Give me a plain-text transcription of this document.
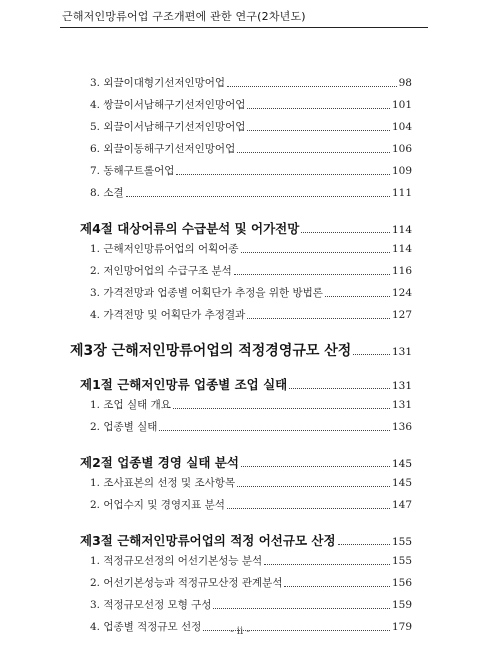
근해저인망류어업 구조개편에 관한 연구(2차년도)
3. 외끌이대형기선저인망어업	98
4. 쌍끌이서남해구기선저인망어업	101
5. 외끌이서남해구기선저인망어업	104
6. 외끌이동해구기선저인망어업	106
7. 동해구트롤어업	109
8. 소결	111
제4절 대상어류의 수급분석 및 어가전망	114
1. 근해저인망류어업의 어획어종	114
2. 저인망어업의 수급구조 분석	116
3. 가격전망과 업종별 어획단가 추정을 위한 방법론	124
4. 가격전망 및 어획단가 추정결과	127
제3장 근해저인망류어업의 적정경영규모 산정	131
제1절 근해저인망류 업종별 조업 실태	131
1. 조업 실태 개요	131
2. 업종별 실태	136
제2절 업종별 경영 실태 분석	145
1. 조사표본의 선정 및 조사항목	145
2. 어업수지 및 경영지표 분석	147
제3절 근해저인망류어업의 적정 어선규모 산정	155
1. 적정규모선정의 어선기본성능 분석	155
2. 어선기본성능과 적정규모산정 관계분석	156
3. 적정규모선정 모형 구성	159
4. 업종별 적정규모 선정	179
- ii -
